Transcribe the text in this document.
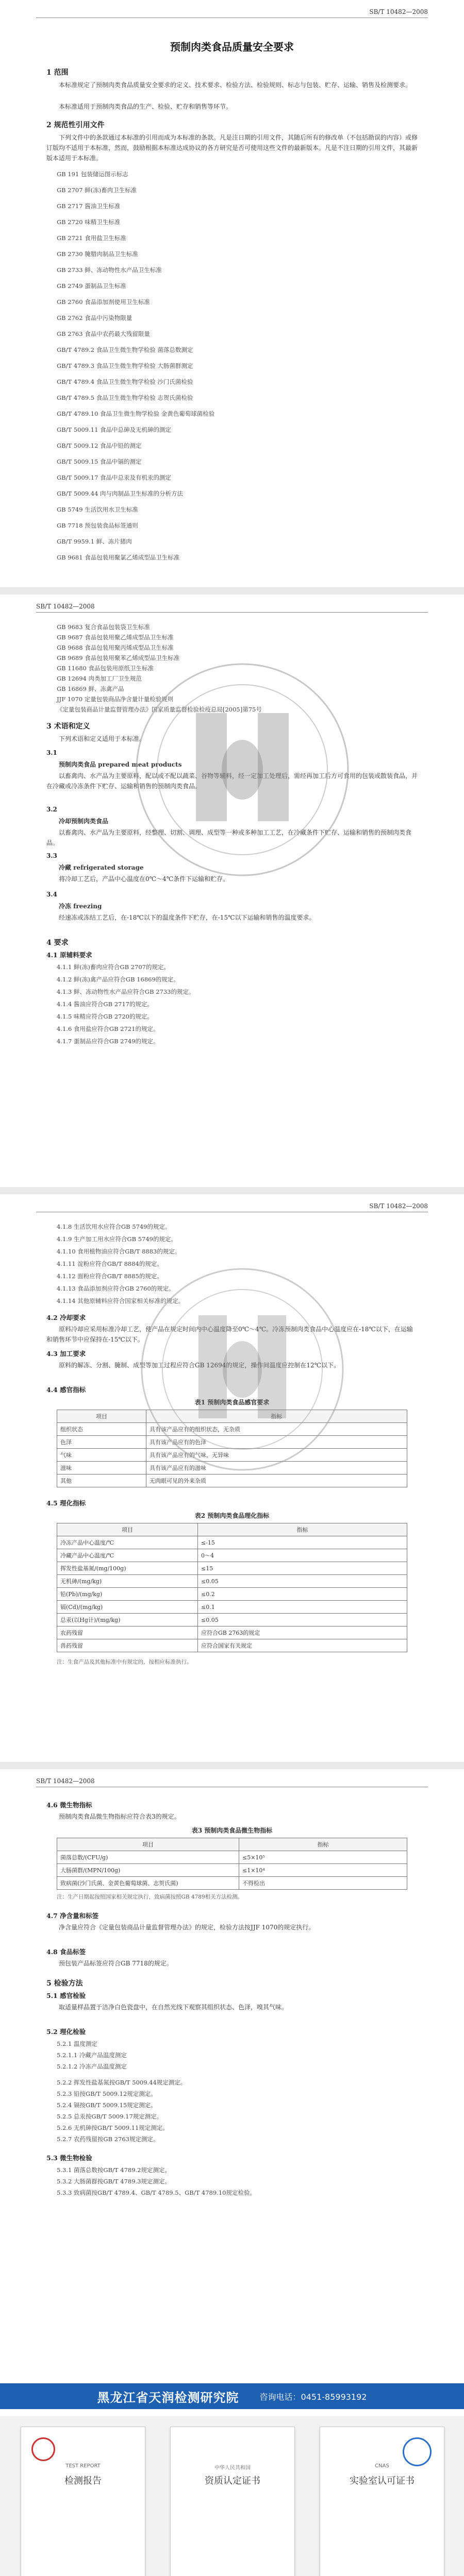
SB/T 10482—2008
预制肉类食品质量安全要求
1 范围
本标准规定了预制肉类食品质量安全要求的定义、技术要求、检验方法、检验规则、标志与包装、贮存、运输、销售及检测要求。
本标准适用于预制肉类食品的生产、检验、贮存和销售等环节。
2 规范性引用文件
下列文件中的条款通过本标准的引用而成为本标准的条款。凡是注日期的引用文件，其随后所有的修改单（不包括勘误的内容）或修订版均不适用于本标准，然而，鼓励根据本标准达成协议的各方研究是否可使用这些文件的最新版本。凡是不注日期的引用文件，其最新版本适用于本标准。
GB 191 包装储运图示标志
GB 2707 鲜(冻)畜肉卫生标准
GB 2717 酱油卫生标准
GB 2720 味精卫生标准
GB 2721 食用盐卫生标准
GB 2730 腌腊肉制品卫生标准
GB 2733 鲜、冻动物性水产品卫生标准
GB 2749 蛋制品卫生标准
GB 2760 食品添加剂使用卫生标准
GB 2762 食品中污染物限量
GB 2763 食品中农药最大残留限量
GB/T 4789.2 食品卫生微生物学检验 菌落总数测定
GB/T 4789.3 食品卫生微生物学检验 大肠菌群测定
GB/T 4789.4 食品卫生微生物学检验 沙门氏菌检验
GB/T 4789.5 食品卫生微生物学检验 志贺氏菌检验
GB/T 4789.10 食品卫生微生物学检验 金黄色葡萄球菌检验
GB/T 5009.11 食品中总砷及无机砷的测定
GB/T 5009.12 食品中铅的测定
GB/T 5009.15 食品中镉的测定
GB/T 5009.17 食品中总汞及有机汞的测定
GB/T 5009.44 肉与肉制品卫生标准的分析方法
GB 5749 生活饮用水卫生标准
GB 7718 预包装食品标签通则
GB/T 9959.1 鲜、冻片猪肉
GB 9681 食品包装用聚氯乙烯成型品卫生标准
SB/T 10482—2008
GB 9683 复合食品包装袋卫生标准
GB 9687 食品包装用聚乙烯成型品卫生标准
GB 9688 食品包装用聚丙烯成型品卫生标准
GB 9689 食品包装用聚苯乙烯成型品卫生标准
GB 11680 食品包装用原纸卫生标准
GB 12694 肉类加工厂卫生规范
GB 16869 鲜、冻禽产品
JJF 1070 定量包装商品净含量计量检验规则
《定量包装商品计量监督管理办法》国家质量监督检验检疫总局[2005]第75号
3 术语和定义
下列术语和定义适用于本标准。
3.1
预制肉类食品 prepared meat products
以畜禽肉、水产品为主要原料，配以或不配以蔬菜、谷物等辅料，经一定加工处理后，需经再加工后方可食用的包装或散装食品，并在冷藏或冷冻条件下贮存、运输和销售的预制肉类食品。
3.2
冷却预制肉类食品
以畜禽肉、水产品为主要原料，经整理、切割、调理、成型等一种或多种加工工艺，在冷藏条件下贮存、运输和销售的预制肉类食品。
3.3
冷藏 refrigerated storage
将冷却工艺后，产品中心温度在0℃～4℃条件下运输和贮存。
3.4
冷冻 freezing
经速冻或冻结工艺后，在-18℃以下的温度条件下贮存，在-15℃以下运输和销售的温度要求。
4 要求
4.1 原辅料要求
4.1.1 鲜(冻)畜肉应符合GB 2707的规定。
4.1.2 鲜(冻)禽产品应符合GB 16869的规定。
4.1.3 鲜、冻动物性水产品应符合GB 2733的规定。
4.1.4 酱油应符合GB 2717的规定。
4.1.5 味精应符合GB 2720的规定。
4.1.6 食用盐应符合GB 2721的规定。
4.1.7 蛋制品应符合GB 2749的规定。
SB/T 10482—2008
4.1.8 生活饮用水应符合GB 5749的规定。
4.1.9 生产加工用水应符合GB 5749的规定。
4.1.10 食用植物油应符合GB/T 8883的规定。
4.1.11 淀粉应符合GB/T 8884的规定。
4.1.12 面粉应符合GB/T 8885的规定。
4.1.13 食品添加剂应符合GB 2760的规定。
4.1.14 其他原辅料应符合国家相关标准的规定。
4.2 冷却要求
原料冷却应采用标准冷却工艺，使产品在规定时间内中心温度降至0℃～4℃。冷冻预制肉类食品中心温度应在-18℃以下，在运输和销售环节中应保持在-15℃以下。
4.3 加工要求
原料的解冻、分割、腌制、成型等加工过程应符合GB 12694的规定，操作间温度应控制在12℃以下。
4.4 感官指标
表1 预制肉类食品感官要求
项目	指标
组织状态	具有该产品应有的组织状态，无杂质
色泽	具有该产品应有的色泽
气味	具有该产品应有的气味，无异味
滋味	具有该产品应有的滋味
其他	无肉眼可见的外来杂质
4.5 理化指标
表2 预制肉类食品理化指标
项目	指标
冷冻产品中心温度/℃	≤-15
冷藏产品中心温度/℃	0～4
挥发性盐基氮/(mg/100g)	≤15
无机砷/(mg/kg)	≤0.05
铅(Pb)/(mg/kg)	≤0.2
镉(Cd)/(mg/kg)	≤0.1
总汞(以Hg计)/(mg/kg)	≤0.05
农药残留	应符合GB 2763的规定
兽药残留	应符合国家有关规定
注：生食产品及其他标准中有规定的，按相应标准执行。
SB/T 10482—2008
4.6 微生物指标
预制肉类食品微生物指标应符合表3的规定。
表3 预制肉类食品微生物指标
项目	指标
菌落总数/(CFU/g)	≤5×10⁵
大肠菌群/(MPN/100g)	≤1×10⁴
致病菌(沙门氏菌、金黄色葡萄球菌、志贺氏菌)	不得检出
注：生产日期起按照国家相关规定执行，致病菌按照GB 4789相关方法检测。
4.7 净含量和标签
净含量应符合《定量包装商品计量监督管理办法》的规定，检验方法按JJF 1070的规定执行。
4.8 食品标签
预包装产品标签应符合GB 7718的规定。
5 检验方法
5.1 感官检验
取适量样品置于洁净白色瓷盘中，在自然光线下观察其组织状态、色泽，嗅其气味。
5.2 理化检验
5.2.1 温度测定
5.2.1.1 冷藏产品温度测定
5.2.1.2 冷冻产品温度测定
5.2.2 挥发性盐基氮按GB/T 5009.44规定测定。
5.2.3 铅按GB/T 5009.12规定测定。
5.2.4 镉按GB/T 5009.15规定测定。
5.2.5 总汞按GB/T 5009.17规定测定。
5.2.6 无机砷按GB/T 5009.11规定测定。
5.2.7 农药残留按GB 2763规定测定。
5.3 微生物检验
5.3.1 菌落总数按GB/T 4789.2规定测定。
5.3.2 大肠菌群按GB/T 4789.3规定测定。
5.3.3 致病菌按GB/T 4789.4、GB/T 4789.5、GB/T 4789.10规定检验。
黑龙江省天润检测研究院	咨询电话：0451-85993192
TEST REPORT
检测报告
中华人民共和国
资质认定证书
CNAS
实验室认可证书
